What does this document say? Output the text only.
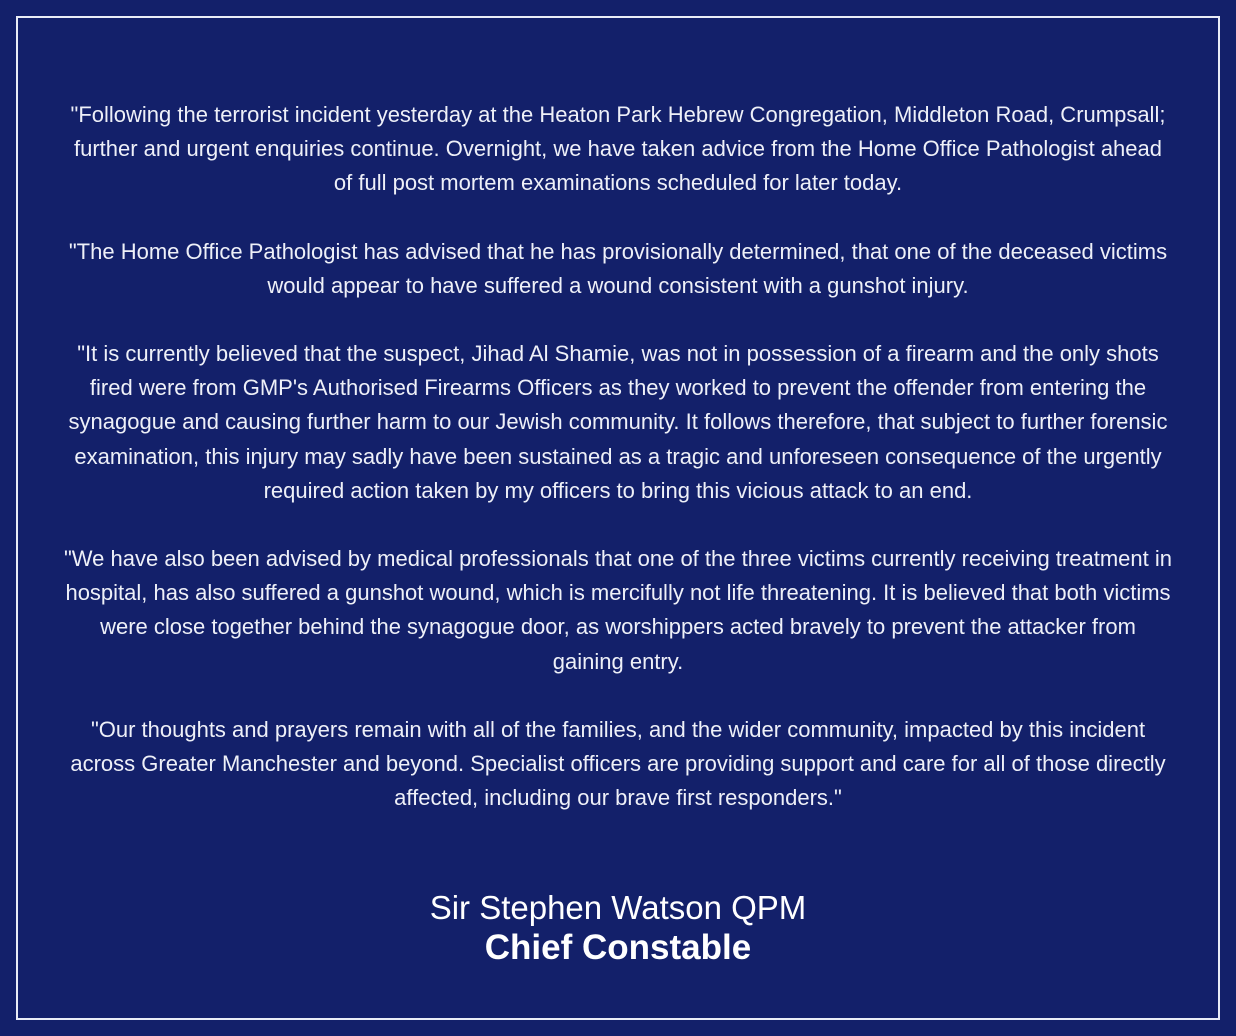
"Following the terrorist incident yesterday at the Heaton Park Hebrew Congregation, Middleton Road, Crumpsall; further and urgent enquiries continue. Overnight, we have taken advice from the Home Office Pathologist ahead of full post mortem examinations scheduled for later today.

"The Home Office Pathologist has advised that he has provisionally determined, that one of the deceased victims would appear to have suffered a wound consistent with a gunshot injury.

"It is currently believed that the suspect, Jihad Al Shamie, was not in possession of a firearm and the only shots fired were from GMP's Authorised Firearms Officers as they worked to prevent the offender from entering the synagogue and causing further harm to our Jewish community. It follows therefore, that subject to further forensic examination, this injury may sadly have been sustained as a tragic and unforeseen consequence of the urgently required action taken by my officers to bring this vicious attack to an end.

"We have also been advised by medical professionals that one of the three victims currently receiving treatment in hospital, has also suffered a gunshot wound, which is mercifully not life threatening. It is believed that both victims were close together behind the synagogue door, as worshippers acted bravely to prevent the attacker from gaining entry.

"Our thoughts and prayers remain with all of the families, and the wider community, impacted by this incident across Greater Manchester and beyond. Specialist officers are providing support and care for all of those directly affected, including our brave first responders."

Sir Stephen Watson QPM
Chief Constable
